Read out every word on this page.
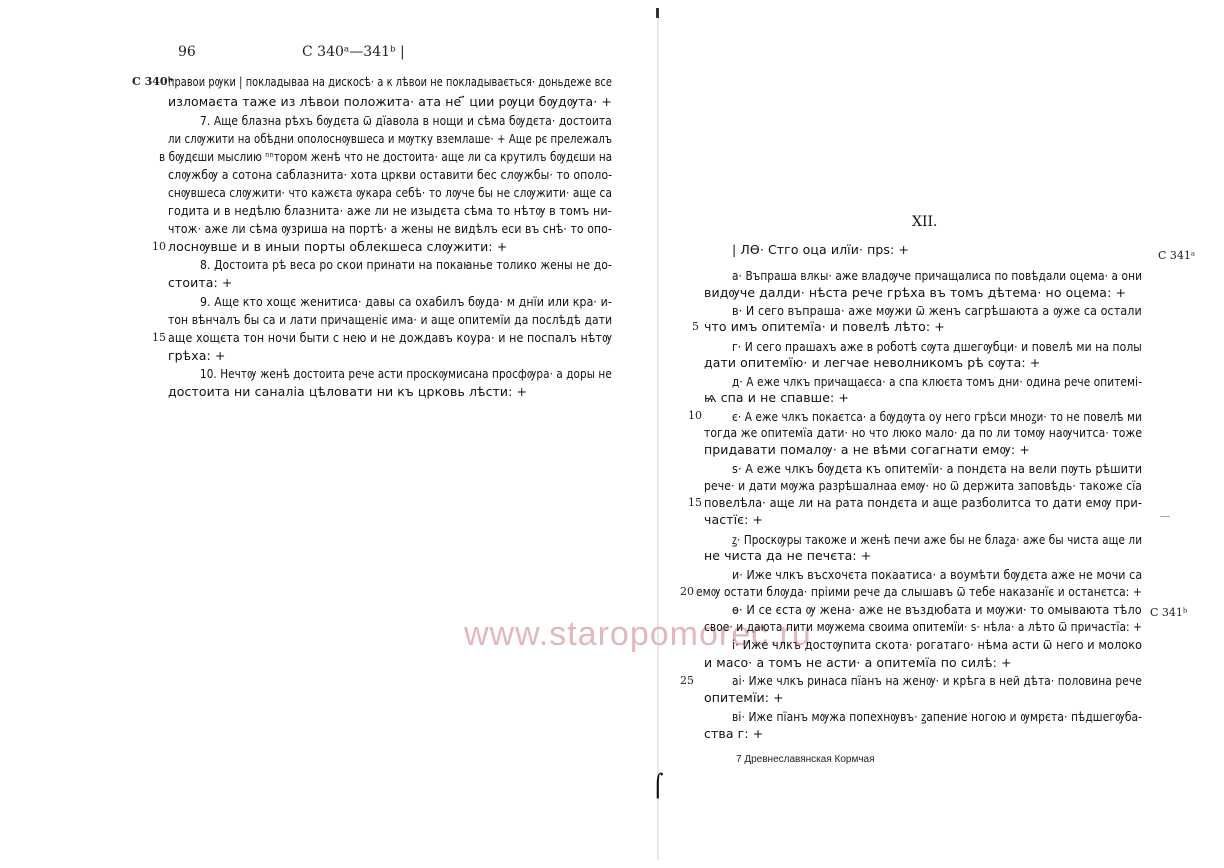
⌠
www.staropomorec.ru
96	С 340ᵃ—341ᵇ |
С 340ᵇ
правои рѹки | покладываа на дискосѣ· а к лѣвои не покладывається· доньдеже все
изломаєта таже из лѣвои положита· ата не ҃ ции рѹци бѹдѹта· +
7. Аще блазна рѣхъ бѹдєта ѿ дїавола в нощи и сѣма бѹдєта· достоита
ли слѹжити на обѣдни ополоснѹвшеса и мѹтку вземлаше· + Аще рє прележалъ
в бѹдєши мыслию ⁿⁿтором женѣ что не достоита· аще ли са крутилъ бѹдєши на
слѹжбѹ а сотона саблазнита· хота цркви оставити бес слѹжбы· то ополо-
снѹвшеса слѹжити· что кажєта ѹкара себѣ· то лѹче бы не слѹжити· аще са
годита и в недѣлю блазнита· аже ли не изыдєта сѣма то нѣтѹ в томъ ни-
чтож· аже ли сѣма ѹзриша на портѣ· а жены не видѣлъ еси въ снѣ· то опо-
10 лоснѹвше и в иныи порты облекшеса слѹжити: +
8. Достоита рѣ веса ро скои принати на покаꙗнье толико жены не до-
стоита: +
9. Аще кто хощє женитиса· давы са охабилъ бѹда· м днїи или кра· и-
тон вѣнчалъ бы са и лати причащеніє има· и аще опитемїи да послѣдѣ дати
15 аще хощєта тон ночи быти с нею и не дождавъ коура· и не поспалъ нѣтѹ
грѣха: +
10. Нечтѹ женѣ достоита рече асти проскѹмисана просфѹра· а доры не
достоита ни саналіа цѣловати ни къ црковь лѣсти: +
XII.
С 341ᵃ
С 341ᵇ
| ЛѲ· Стго оца илїи· прѕ: +
а· Въпраша влкы· аже владѹче причащалиса по повѣдали оцема· а они
видѹче далди· нѣста рече грѣха въ томъ дѣтема· но оцема: +
в· И сего въпраша· аже мѹжи ѿ женъ сагрѣшаюта а ѹже са остали
5 что имъ опитемїа· и повелѣ лѣто: +
г· И сего прашахъ аже в роботѣ сѹта дшегѹбци· и повелѣ ми на полы
дати опитемїю· и легчае неволникомъ рѣ сѹта: +
д· А еже члкъ причащаєса· а спа клюєта томъ дни· одина рече опитемі-
ѩ спа и не спавше: +
10 є· А еже члкъ покаєтса· а бѹдѹта оу него грѣси мноꙁи· то не повелѣ ми
тогда же опитемїа дати· но что люко мало· да по ли томѹ наѹчитса· тоже
придавати помалѹ· а не вѣми согагнати емѹ: +
ѕ· А еже члкъ бѹдєта къ опитемїи· а пондєта на вели пѹть рѣшити
рече· и дати мѹжа разрѣшалнаа емѹ· но ѿ держита заповѣдь· такоже сїа
15 повелѣла· аще ли на рата пондєта и аще разболитса то дати емѹ при-
частїє: +
ꙁ· Проскѹры такоже и женѣ печи аже бы не блаꙁа· аже бы чиста аще ли
не чиста да не печєта: +
и· Иже члкъ въсхочєта покаатиса· а воумѣти бѹдєта аже не мочи са
20 емѹ остати блѹда· пріими рече да слышавъ ѿ тебе наказанїє и останєтса: +
ѳ· И се єста ѹ жена· аже не въздюбата и мѹжи· то омываюта тѣло
свое· и даюта пити мѹжема своима опитемїи· ѕ· нѣла· а лѣто ѿ причастїа: +
і· Иже члкъ достѹпита скота· рогатаго· нѣма асти ѿ него и молоко
и масо· а томъ не асти· а опитемїа по силѣ: +
25	аі· Иже члкъ ринаса пїанъ на женѹ· и крѣга в ней дѣта· половина рече
опитемїи: +
ві· Иже пїанъ мѹжа попехнѹвъ· ꙁапение ногою и ѹмрєта· пѣдшегѹба-
ства г: +
7 Древнеславянская Кормчая
